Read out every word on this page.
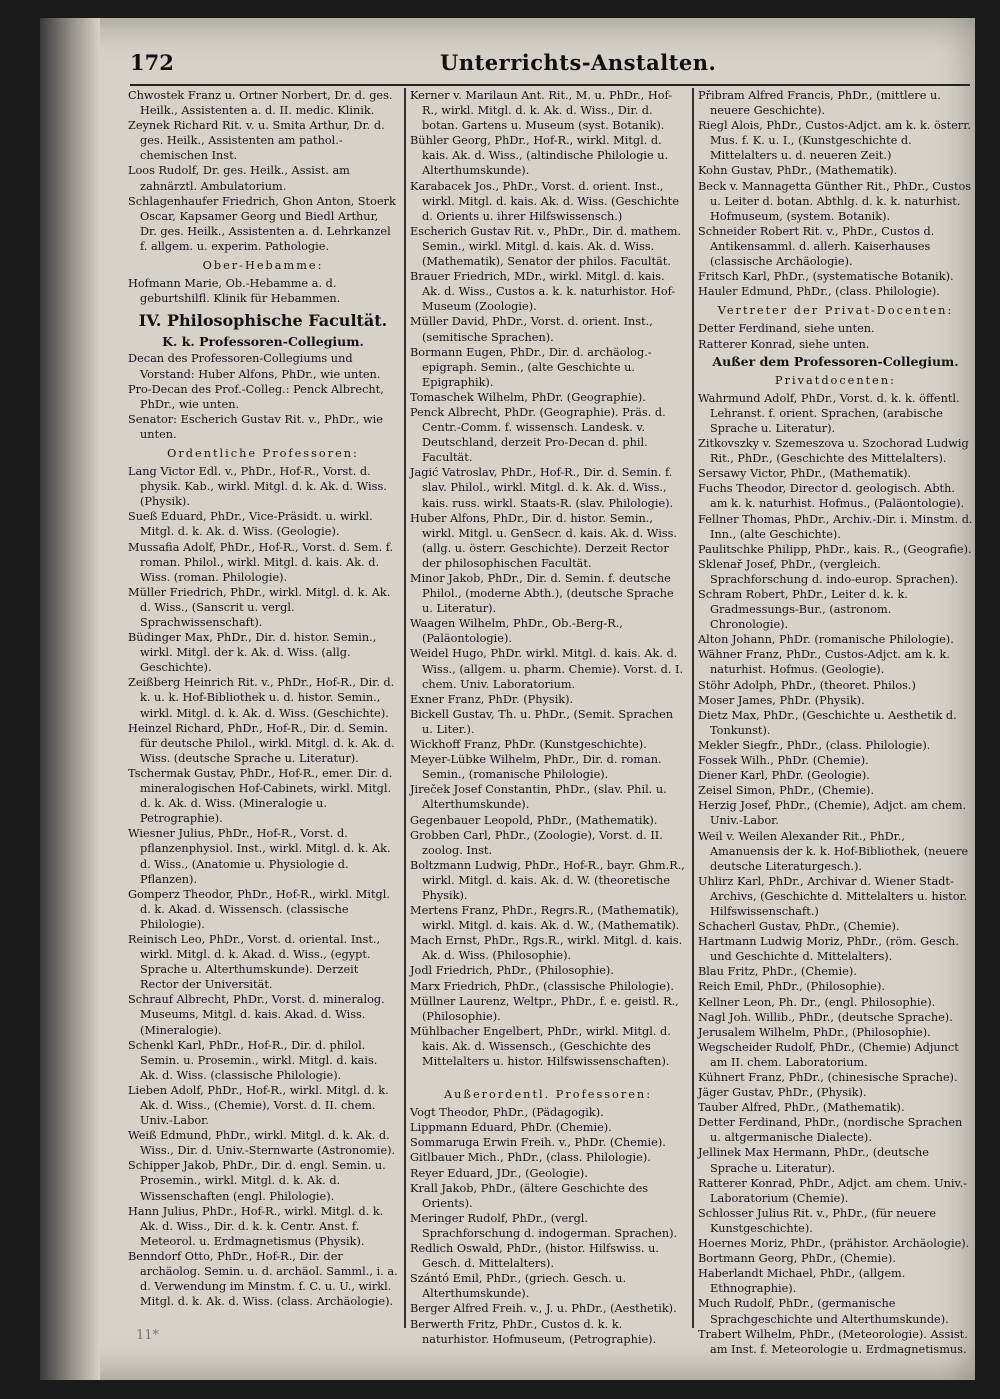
172	Unterrichts-Anstalten.

Chwostek Franz u. Ortner Norbert, Dr. d. ges. Heilk., Assistenten a. d. II. medic. Klinik.

Zeynek Richard Rit. v. u. Smita Arthur, Dr. d. ges. Heilk., Assistenten am pathol.-chemischen Inst.

Loos Rudolf, Dr. ges. Heilk., Assist. am zahnärztl. Ambulatorium.

Schlagenhaufer Friedrich, Ghon Anton, Stoerk Oscar, Kapsamer Georg und Biedl Arthur, Dr. ges. Heilk., Assistenten a. d. Lehrkanzel f. allgem. u. experim. Pathologie.

Ober-Hebamme:

Hofmann Marie, Ob.-Hebamme a. d. geburtshilfl. Klinik für Hebammen.

IV. Philosophische Facultät.
K. k. Professoren-Collegium.

Decan des Professoren-Collegiums und Vorstand: Huber Alfons, PhDr., wie unten.

Pro-Decan des Prof.-Colleg.: Penck Albrecht, PhDr., wie unten.

Senator: Escherich Gustav Rit. v., PhDr., wie unten.

Ordentliche Professoren:

Lang Victor Edl. v., PhDr., Hof-R., Vorst. d. physik. Kab., wirkl. Mitgl. d. k. Ak. d. Wiss. (Physik).

Sueß Eduard, PhDr., Vice-Präsidt. u. wirkl. Mitgl. d. k. Ak. d. Wiss. (Geologie).

Mussafia Adolf, PhDr., Hof-R., Vorst. d. Sem. f. roman. Philol., wirkl. Mitgl. d. kais. Ak. d. Wiss. (roman. Philologie).

Müller Friedrich, PhDr., wirkl. Mitgl. d. k. Ak. d. Wiss., (Sanscrit u. vergl. Sprachwissenschaft).

Büdinger Max, PhDr., Dir. d. histor. Semin., wirkl. Mitgl. der k. Ak. d. Wiss. (allg. Geschichte).

Zeißberg Heinrich Rit. v., PhDr., Hof-R., Dir. d. k. u. k. Hof-Bibliothek u. d. histor. Semin., wirkl. Mitgl. d. k. Ak. d. Wiss. (Geschichte).

Heinzel Richard, PhDr., Hof-R., Dir. d. Semin. für deutsche Philol., wirkl. Mitgl. d. k. Ak. d. Wiss. (deutsche Sprache u. Literatur).

Tschermak Gustav, PhDr., Hof-R., emer. Dir. d. mineralogischen Hof-Cabinets, wirkl. Mitgl. d. k. Ak. d. Wiss. (Mineralogie u. Petrographie).

Wiesner Julius, PhDr., Hof-R., Vorst. d. pflanzenphysiol. Inst., wirkl. Mitgl. d. k. Ak. d. Wiss., (Anatomie u. Physiologie d. Pflanzen).

Gomperz Theodor, PhDr., Hof-R., wirkl. Mitgl. d. k. Akad. d. Wissensch. (classische Philologie).

Reinisch Leo, PhDr., Vorst. d. oriental. Inst., wirkl. Mitgl. d. k. Akad. d. Wiss., (egypt. Sprache u. Alterthumskunde). Derzeit Rector der Universität.

Schrauf Albrecht, PhDr., Vorst. d. mineralog. Museums, Mitgl. d. kais. Akad. d. Wiss. (Mineralogie).

Schenkl Karl, PhDr., Hof-R., Dir. d. philol. Semin. u. Prosemin., wirkl. Mitgl. d. kais. Ak. d. Wiss. (classische Philologie).

Lieben Adolf, PhDr., Hof-R., wirkl. Mitgl. d. k. Ak. d. Wiss., (Chemie), Vorst. d. II. chem. Univ.-Labor.

Weiß Edmund, PhDr., wirkl. Mitgl. d. k. Ak. d. Wiss., Dir. d. Univ.-Sternwarte (Astronomie).

Schipper Jakob, PhDr., Dir. d. engl. Semin. u. Prosemin., wirkl. Mitgl. d. k. Ak. d. Wissenschaften (engl. Philologie).

Hann Julius, PhDr., Hof-R., wirkl. Mitgl. d. k. Ak. d. Wiss., Dir. d. k. k. Centr. Anst. f. Meteorol. u. Erdmagnetismus (Physik).

Benndorf Otto, PhDr., Hof-R., Dir. der archäolog. Semin. u. d. archäol. Samml., i. a. d. Verwendung im Minstm. f. C. u. U., wirkl. Mitgl. d. k. Ak. d. Wiss. (class. Archäologie).

Kerner v. Marilaun Ant. Rit., M. u. PhDr., Hof-R., wirkl. Mitgl. d. k. Ak. d. Wiss., Dir. d. botan. Gartens u. Museum (syst. Botanik).

Bühler Georg, PhDr., Hof-R., wirkl. Mitgl. d. kais. Ak. d. Wiss., (altindische Philologie u. Alterthumskunde).

Karabacek Jos., PhDr., Vorst. d. orient. Inst., wirkl. Mitgl. d. kais. Ak. d. Wiss. (Geschichte d. Orients u. ihrer Hilfswissensch.)

Escherich Gustav Rit. v., PhDr., Dir. d. mathem. Semin., wirkl. Mitgl. d. kais. Ak. d. Wiss. (Mathematik), Senator der philos. Facultät.

Brauer Friedrich, MDr., wirkl. Mitgl. d. kais. Ak. d. Wiss., Custos a. k. k. naturhistor. Hof-Museum (Zoologie).

Müller David, PhDr., Vorst. d. orient. Inst., (semitische Sprachen).

Bormann Eugen, PhDr., Dir. d. archäolog.-epigraph. Semin., (alte Geschichte u. Epigraphik).

Tomaschek Wilhelm, PhDr. (Geographie).

Penck Albrecht, PhDr. (Geographie). Präs. d. Centr.-Comm. f. wissensch. Landesk. v. Deutschland, derzeit Pro-Decan d. phil. Facultät.

Jagić Vatroslav, PhDr., Hof-R., Dir. d. Semin. f. slav. Philol., wirkl. Mitgl. d. k. Ak. d. Wiss., kais. russ. wirkl. Staats-R. (slav. Philologie).

Huber Alfons, PhDr., Dir. d. histor. Semin., wirkl. Mitgl. u. GenSecr. d. kais. Ak. d. Wiss. (allg. u. österr. Geschichte). Derzeit Rector der philosophischen Facultät.

Minor Jakob, PhDr., Dir. d. Semin. f. deutsche Philol., (moderne Abth.), (deutsche Sprache u. Literatur).

Waagen Wilhelm, PhDr., Ob.-Berg-R., (Paläontologie).

Weidel Hugo, PhDr. wirkl. Mitgl. d. kais. Ak. d. Wiss., (allgem. u. pharm. Chemie). Vorst. d. I. chem. Univ. Laboratorium.

Exner Franz, PhDr. (Physik).

Bickell Gustav, Th. u. PhDr., (Semit. Sprachen u. Liter.).

Wickhoff Franz, PhDr. (Kunstgeschichte).

Meyer-Lübke Wilhelm, PhDr., Dir. d. roman. Semin., (romanische Philologie).

Jireček Josef Constantin, PhDr., (slav. Phil. u. Alterthumskunde).

Gegenbauer Leopold, PhDr., (Mathematik).

Grobben Carl, PhDr., (Zoologie), Vorst. d. II. zoolog. Inst.

Boltzmann Ludwig, PhDr., Hof-R., bayr. Ghm.R., wirkl. Mitgl. d. kais. Ak. d. W. (theoretische Physik).

Mertens Franz, PhDr., Regrs.R., (Mathematik), wirkl. Mitgl. d. kais. Ak. d. W., (Mathematik).

Mach Ernst, PhDr., Rgs.R., wirkl. Mitgl. d. kais. Ak. d. Wiss. (Philosophie).

Jodl Friedrich, PhDr., (Philosophie).

Marx Friedrich, PhDr., (classische Philologie).

Müllner Laurenz, Weltpr., PhDr., f. e. geistl. R., (Philosophie).

Mühlbacher Engelbert, PhDr., wirkl. Mitgl. d. kais. Ak. d. Wissensch., (Geschichte des Mittelalters u. histor. Hilfswissenschaften).

Außerordentl. Professoren:

Vogt Theodor, PhDr., (Pädagogik).

Lippmann Eduard, PhDr. (Chemie).

Sommaruga Erwin Freih. v., PhDr. (Chemie).

Gitlbauer Mich., PhDr., (class. Philologie).

Reyer Eduard, JDr., (Geologie).

Krall Jakob, PhDr., (ältere Geschichte des Orients).

Meringer Rudolf, PhDr., (vergl. Sprachforschung d. indogerman. Sprachen).

Redlich Oswald, PhDr., (histor. Hilfswiss. u. Gesch. d. Mittelalters).

Szántó Emil, PhDr., (griech. Gesch. u. Alterthumskunde).

Berger Alfred Freih. v., J. u. PhDr., (Aesthetik).

Berwerth Fritz, PhDr., Custos d. k. k. naturhistor. Hofmuseum, (Petrographie).

Přibram Alfred Francis, PhDr., (mittlere u. neuere Geschichte).

Riegl Alois, PhDr., Custos-Adjct. am k. k. österr. Mus. f. K. u. I., (Kunstgeschichte d. Mittelalters u. d. neueren Zeit.)

Kohn Gustav, PhDr., (Mathematik).

Beck v. Mannagetta Günther Rit., PhDr., Custos u. Leiter d. botan. Abthlg. d. k. k. naturhist. Hofmuseum, (system. Botanik).

Schneider Robert Rit. v., PhDr., Custos d. Antikensamml. d. allerh. Kaiserhauses (classische Archäologie).

Fritsch Karl, PhDr., (systematische Botanik).

Hauler Edmund, PhDr., (class. Philologie).

Vertreter der Privat-Docenten:

Detter Ferdinand, siehe unten.

Ratterer Konrad, siehe unten.

Außer dem Professoren-Collegium.
Privatdocenten:

Wahrmund Adolf, PhDr., Vorst. d. k. k. öffentl. Lehranst. f. orient. Sprachen, (arabische Sprache u. Literatur).

Zitkovszky v. Szemeszova u. Szochorad Ludwig Rit., PhDr., (Geschichte des Mittelalters).

Sersawy Victor, PhDr., (Mathematik).

Fuchs Theodor, Director d. geologisch. Abth. am k. k. naturhist. Hofmus., (Paläontologie).

Fellner Thomas, PhDr., Archiv.-Dir. i. Minstm. d. Inn., (alte Geschichte).

Paulitschke Philipp, PhDr., kais. R., (Geografie).

Sklenař Josef, PhDr., (vergleich. Sprachforschung d. indo-europ. Sprachen).

Schram Robert, PhDr., Leiter d. k. k. Gradmessungs-Bur., (astronom. Chronologie).

Alton Johann, PhDr. (romanische Philologie).

Wähner Franz, PhDr., Custos-Adjct. am k. k. naturhist. Hofmus. (Geologie).

Stöhr Adolph, PhDr., (theoret. Philos.)

Moser James, PhDr. (Physik).

Dietz Max, PhDr., (Geschichte u. Aesthetik d. Tonkunst).

Mekler Siegfr., PhDr., (class. Philologie).

Fossek Wilh., PhDr. (Chemie).

Diener Karl, PhDr. (Geologie).

Zeisel Simon, PhDr., (Chemie).

Herzig Josef, PhDr., (Chemie), Adjct. am chem. Univ.-Labor.

Weil v. Weilen Alexander Rit., PhDr., Amanuensis der k. k. Hof-Bibliothek, (neuere deutsche Literaturgesch.).

Uhlirz Karl, PhDr., Archivar d. Wiener Stadt-Archivs, (Geschichte d. Mittelalters u. histor. Hilfswissenschaft.)

Schacherl Gustav, PhDr., (Chemie).

Hartmann Ludwig Moriz, PhDr., (röm. Gesch. und Geschichte d. Mittelalters).

Blau Fritz, PhDr., (Chemie).

Reich Emil, PhDr., (Philosophie).

Kellner Leon, Ph. Dr., (engl. Philosophie).

Nagl Joh. Willib., PhDr., (deutsche Sprache).

Jerusalem Wilhelm, PhDr., (Philosophie).

Wegscheider Rudolf, PhDr., (Chemie) Adjunct am II. chem. Laboratorium.

Kühnert Franz, PhDr., (chinesische Sprache).

Jäger Gustav, PhDr., (Physik).

Tauber Alfred, PhDr., (Mathematik).

Detter Ferdinand, PhDr., (nordische Sprachen u. altgermanische Dialecte).

Jellinek Max Hermann, PhDr., (deutsche Sprache u. Literatur).

Ratterer Konrad, PhDr., Adjct. am chem. Univ.-Laboratorium (Chemie).

Schlosser Julius Rit. v., PhDr., (für neuere Kunstgeschichte).

Hoernes Moriz, PhDr., (prähistor. Archäologie).

Bortmann Georg, PhDr., (Chemie).

Haberlandt Michael, PhDr., (allgem. Ethnographie).

Much Rudolf, PhDr., (germanische Sprachgeschichte und Alterthumskunde).

Trabert Wilhelm, PhDr., (Meteorologie). Assist. am Inst. f. Meteorologie u. Erdmagnetismus.

11*
